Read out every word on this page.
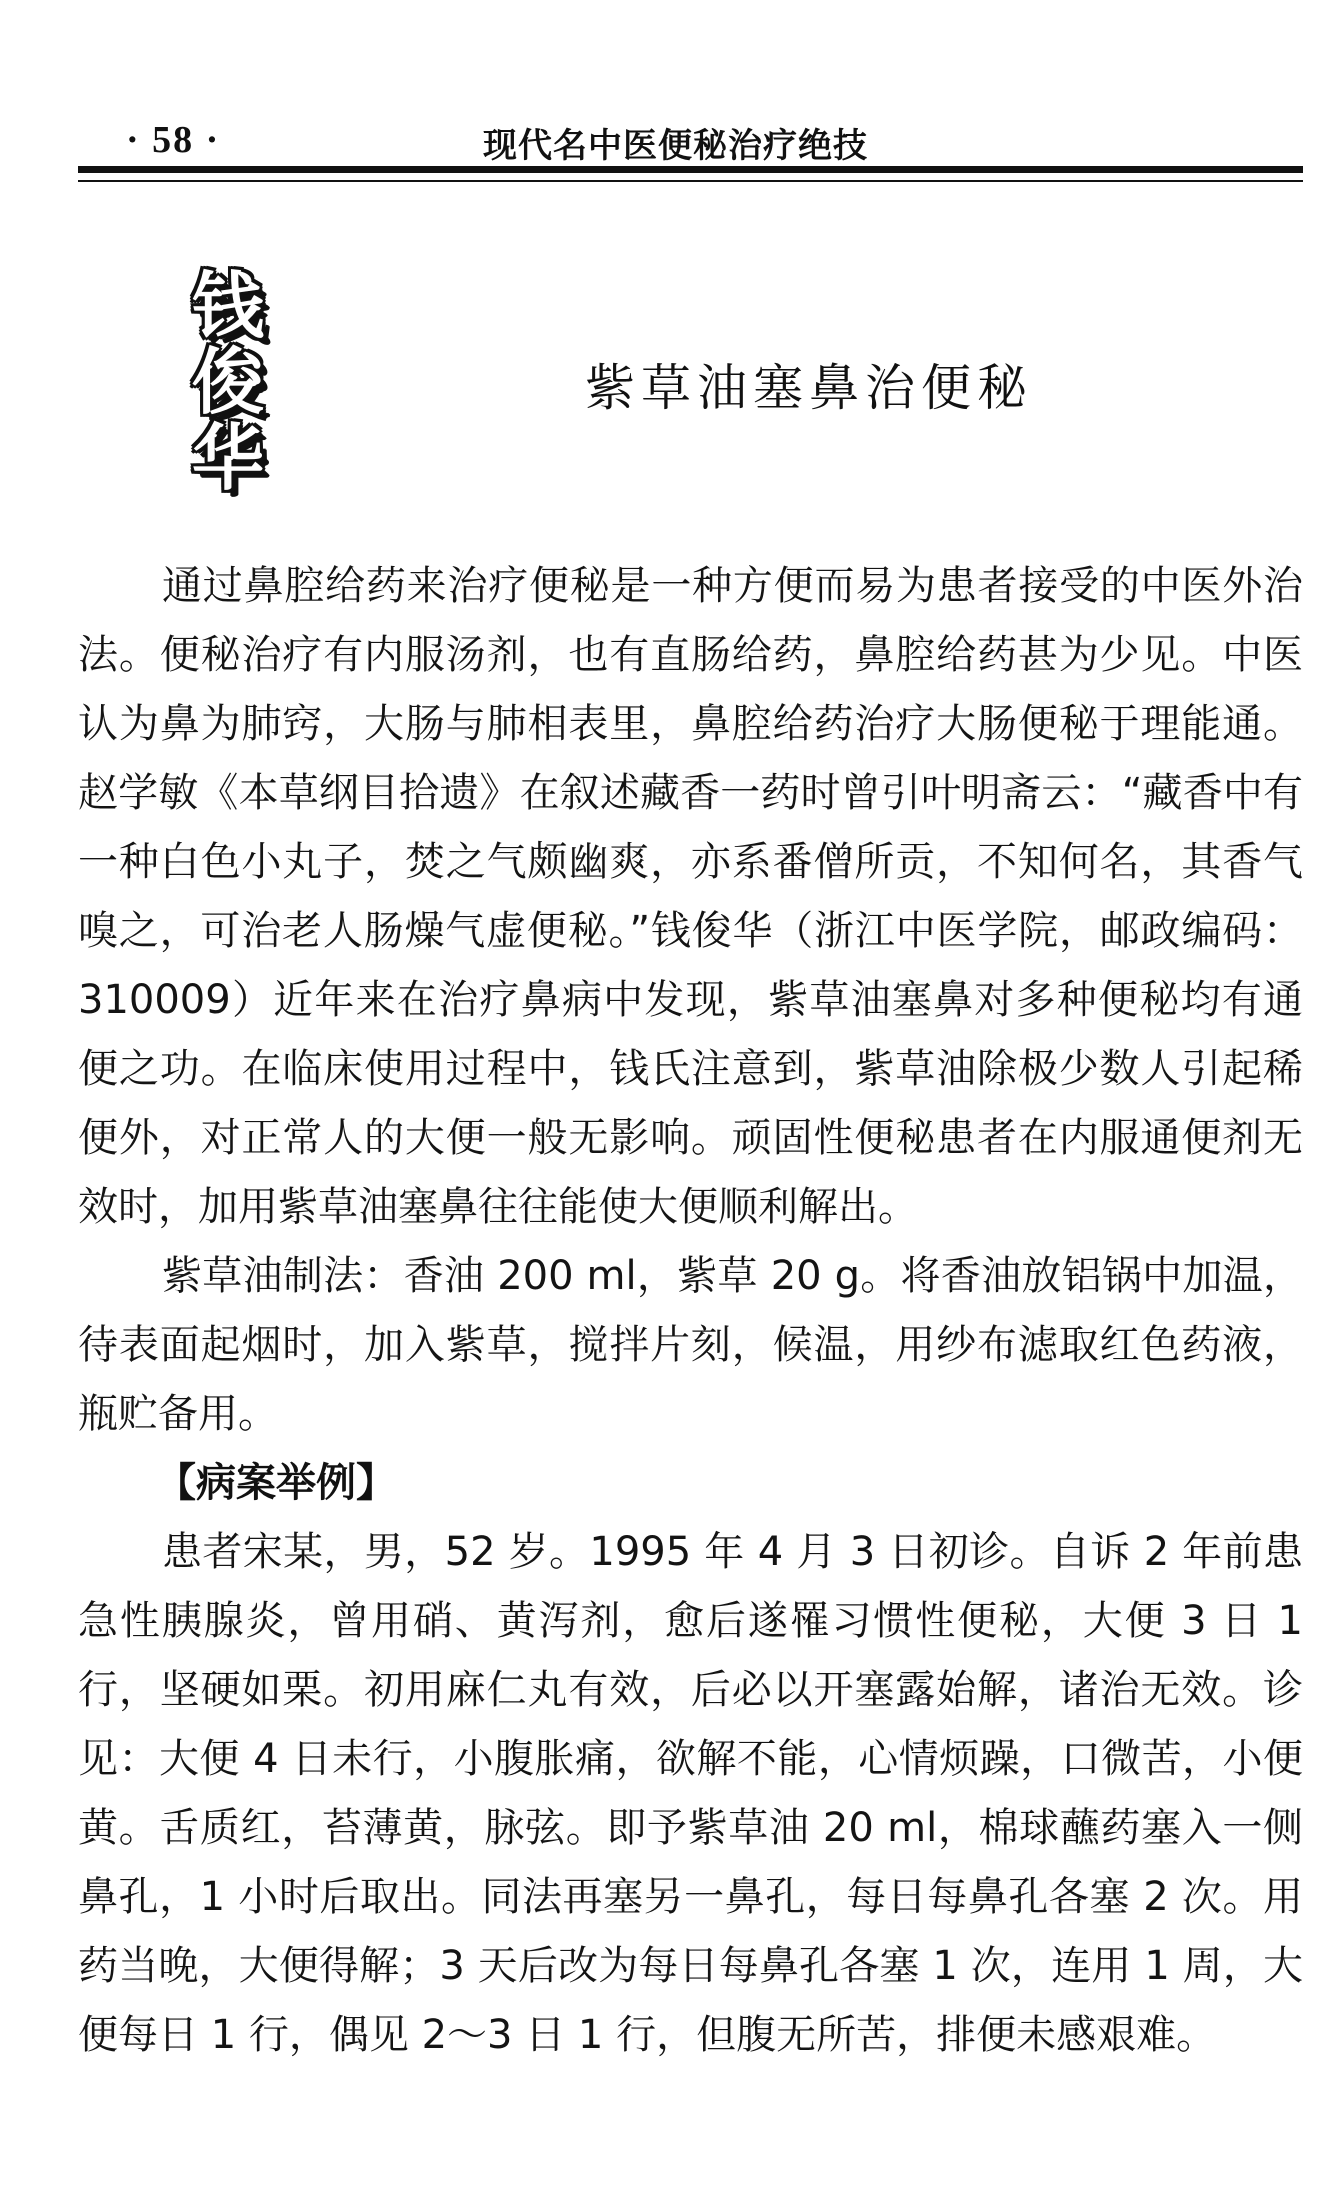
· 58 ·	现代名中医便秘治疗绝技
钱
俊
华
紫草油塞鼻治便秘

通过鼻腔给药来治疗便秘是一种方便而易为患者接受的中医外治法。便秘治疗有内服汤剂，也有直肠给药，鼻腔给药甚为少见。中医认为鼻为肺窍，大肠与肺相表里，鼻腔给药治疗大肠便秘于理能通。赵学敏《本草纲目拾遗》在叙述藏香一药时曾引叶明斋云：“藏香中有一种白色小丸子，焚之气颇幽爽，亦系番僧所贡，不知何名，其香气嗅之，可治老人肠燥气虚便秘。”钱俊华（浙江中医学院，邮政编码：310009）近年来在治疗鼻病中发现，紫草油塞鼻对多种便秘均有通便之功。在临床使用过程中，钱氏注意到，紫草油除极少数人引起稀便外，对正常人的大便一般无影响。顽固性便秘患者在内服通便剂无效时，加用紫草油塞鼻往往能使大便顺利解出。

紫草油制法：香油 200 ml，紫草 20 g。将香油放铝锅中加温，待表面起烟时，加入紫草，搅拌片刻，候温，用纱布滤取红色药液，瓶贮备用。

【病案举例】

患者宋某，男，52 岁。1995 年 4 月 3 日初诊。自诉 2 年前患急性胰腺炎，曾用硝、黄泻剂，愈后遂罹习惯性便秘，大便 3 日 1 行，坚硬如栗。初用麻仁丸有效，后必以开塞露始解，诸治无效。诊见：大便 4 日未行，小腹胀痛，欲解不能，心情烦躁，口微苦，小便黄。舌质红，苔薄黄，脉弦。即予紫草油 20 ml，棉球蘸药塞入一侧鼻孔，1 小时后取出。同法再塞另一鼻孔，每日每鼻孔各塞 2 次。用药当晚，大便得解；3 天后改为每日每鼻孔各塞 1 次，连用 1 周，大便每日 1 行，偶见 2～3 日 1 行，但腹无所苦，排便未感艰难。
